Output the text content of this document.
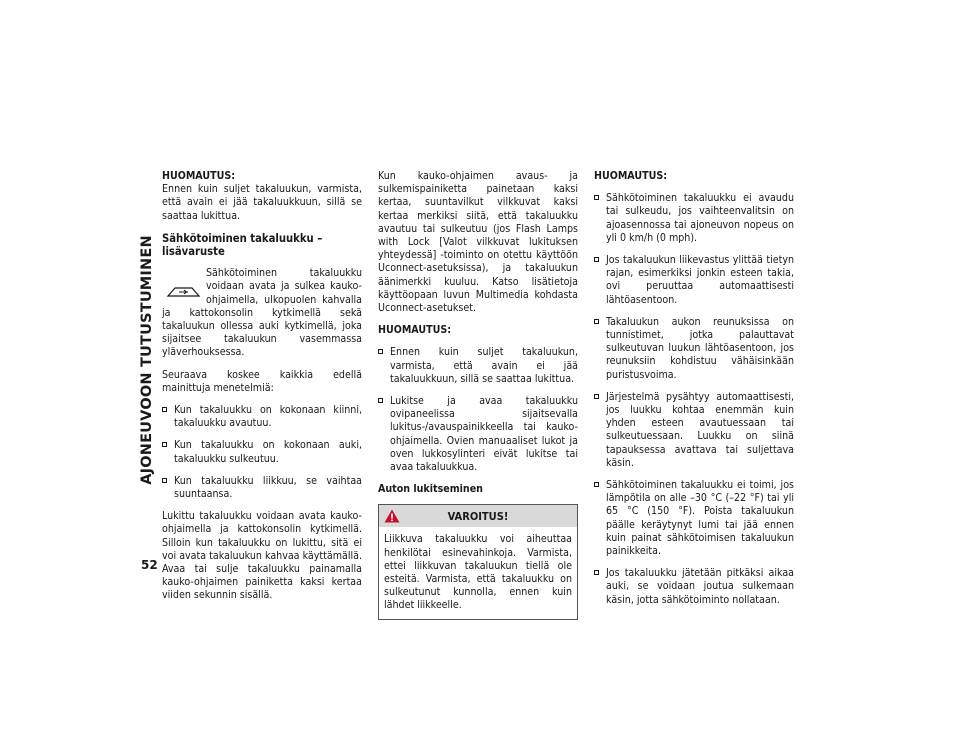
AJONEUVOON TUTUSTUMINEN
52
HUOMAUTUS:

Ennen kuin suljet takaluukun, varmista, että avain ei jää takaluukkuun, sillä se saattaa lukittua.

Sähkötoiminen takaluukku – lisävaruste

Sähkötoiminen takaluukku voidaan avata ja sulkea kauko-ohjaimella, ulkopuolen kahvalla ja kattokonsolin kytkimellä sekä takaluukun ollessa auki kytkimellä, joka sijaitsee takaluukun vasemmassa yläverhouksessa.

Seuraava koskee kaikkia edellä mainittuja menetelmiä:

Kun takaluukku on kokonaan kiinni, takaluukku avautuu.
Kun takaluukku on kokonaan auki, takaluukku sulkeutuu.
Kun takaluukku liikkuu, se vaihtaa suuntaansa.

Lukittu takaluukku voidaan avata kauko-ohjaimella ja kattokonsolin kytkimellä. Silloin kun takaluukku on lukittu, sitä ei voi avata takaluukun kahvaa käyttämällä. Avaa tai sulje takaluukku painamalla kauko-ohjaimen painiketta kaksi kertaa viiden sekunnin sisällä.

Kun kauko-ohjaimen avaus- ja sulkemispainiketta painetaan kaksi kertaa, suuntavilkut vilkkuvat kaksi kertaa merkiksi siitä, että takaluukku avautuu tai sulkeutuu (jos Flash Lamps with Lock [Valot vilkkuvat lukituksen yhteydessä] -toiminto on otettu käyttöön Uconnect-asetuksissa), ja takaluukun äänimerkki kuuluu. Katso lisätietoja käyttöopaan luvun Multimedia kohdasta Uconnect-asetukset.

HUOMAUTUS:
Ennen kuin suljet takaluukun, varmista, että avain ei jää takaluukkuun, sillä se saattaa lukittua.
Lukitse ja avaa takaluukku ovipaneelissa sijaitsevalla lukitus-/avauspainikkeella tai kauko-ohjaimella. Ovien manuaaliset lukot ja oven lukkosylinteri eivät lukitse tai avaa takaluukkua.
Auton lukitseminen
VAROITUS!
Liikkuva takaluukku voi aiheuttaa henkilötai esinevahinkoja. Varmista, ettei liikkuvan takaluukun tiellä ole esteitä. Varmista, että takaluukku on sulkeutunut kunnolla, ennen kuin lähdet liikkeelle.
HUOMAUTUS:
Sähkötoiminen takaluukku ei avaudu tai sulkeudu, jos vaihteenvalitsin on ajoasennossa tai ajoneuvon nopeus on yli 0 km/h (0 mph).
Jos takaluukun liikevastus ylittää tietyn rajan, esimerkiksi jonkin esteen takia, ovi peruuttaa automaattisesti lähtöasentoon.
Takaluukun aukon reunuksissa on tunnistimet, jotka palauttavat sulkeutuvan luukun lähtöasentoon, jos reunuksiin kohdistuu vähäisinkään puristusvoima.
Järjestelmä pysähtyy automaattisesti, jos luukku kohtaa enemmän kuin yhden esteen avautuessaan tai sulkeutuessaan. Luukku on siinä tapauksessa avattava tai suljettava käsin.
Sähkötoiminen takaluukku ei toimi, jos lämpötila on alle –30 °C (–22 °F) tai yli 65 °C (150 °F). Poista takaluukun päälle keräytynyt lumi tai jää ennen kuin painat sähkötoimisen takaluukun painikkeita.
Jos takaluukku jätetään pitkäksi aikaa auki, se voidaan joutua sulkemaan käsin, jotta sähkötoiminto nollataan.
